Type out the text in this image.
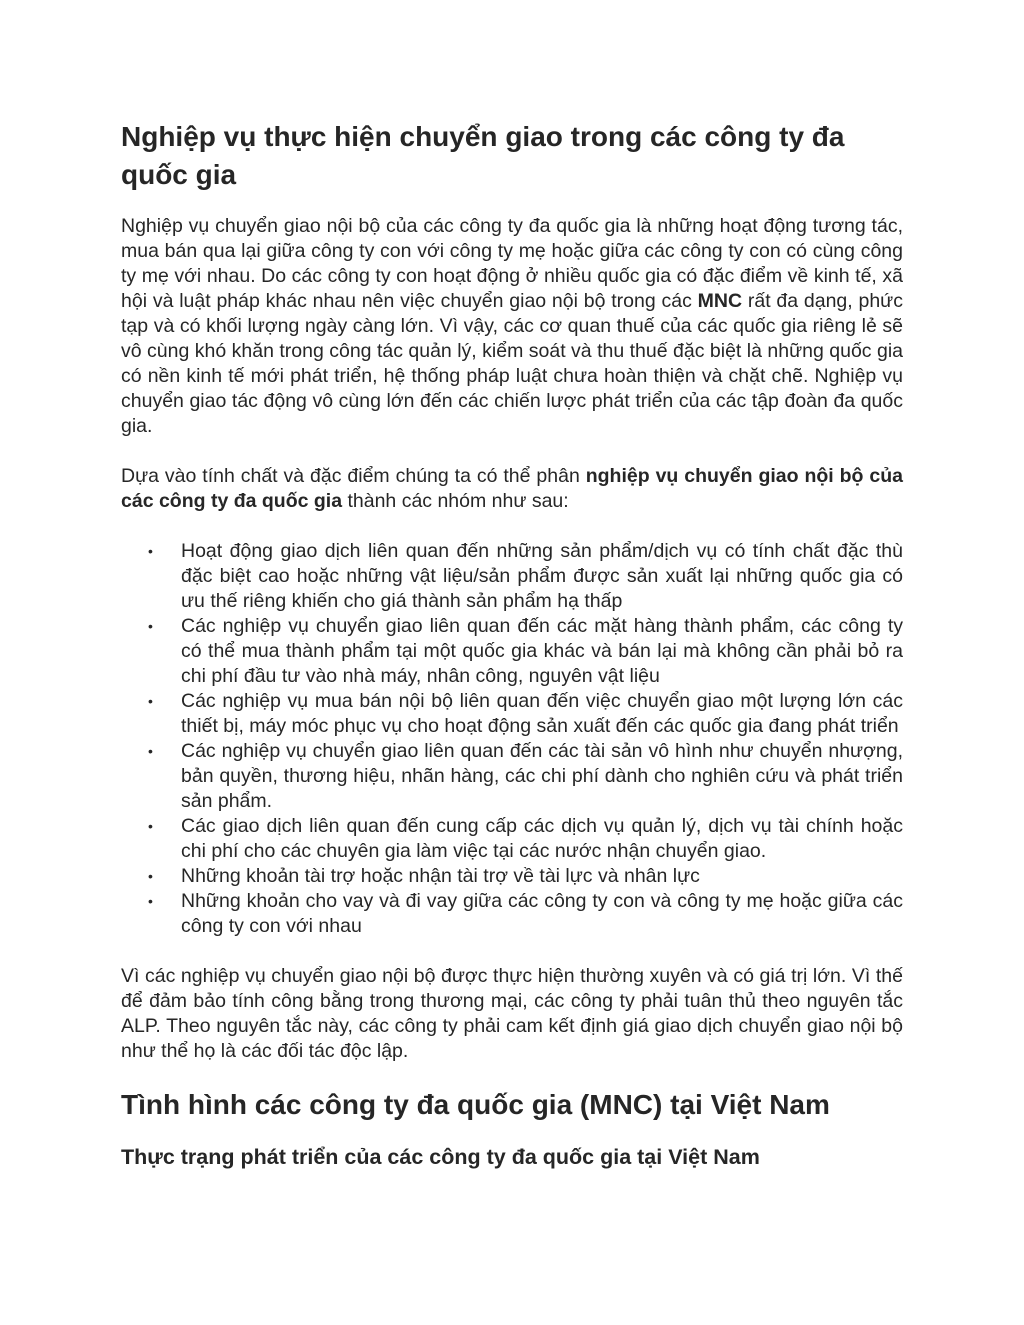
Nghiệp vụ thực hiện chuyển giao trong các công ty đa quốc gia

Nghiệp vụ chuyển giao nội bộ của các công ty đa quốc gia là những hoạt động tương tác, mua bán qua lại giữa công ty con với công ty mẹ hoặc giữa các công ty con có cùng công ty mẹ với nhau. Do các công ty con hoạt động ở nhiều quốc gia có đặc điểm về kinh tế, xã hội và luật pháp khác nhau nên việc chuyển giao nội bộ trong các MNC rất đa dạng, phức tạp và có khối lượng ngày càng lớn. Vì vậy, các cơ quan thuế của các quốc gia riêng lẻ sẽ vô cùng khó khăn trong công tác quản lý, kiểm soát và thu thuế đặc biệt là những quốc gia có nền kinh tế mới phát triển, hệ thống pháp luật chưa hoàn thiện và chặt chẽ. Nghiệp vụ chuyển giao tác động vô cùng lớn đến các chiến lược phát triển của các tập đoàn đa quốc gia.

Dựa vào tính chất và đặc điểm chúng ta có thể phân nghiệp vụ chuyển giao nội bộ của các công ty đa quốc gia thành các nhóm như sau:

• Hoạt động giao dịch liên quan đến những sản phẩm/dịch vụ có tính chất đặc thù đặc biệt cao hoặc những vật liệu/sản phẩm được sản xuất lại những quốc gia có ưu thế riêng khiến cho giá thành sản phẩm hạ thấp
• Các nghiệp vụ chuyển giao liên quan đến các mặt hàng thành phẩm, các công ty có thể mua thành phẩm tại một quốc gia khác và bán lại mà không cần phải bỏ ra chi phí đầu tư vào nhà máy, nhân công, nguyên vật liệu
• Các nghiệp vụ mua bán nội bộ liên quan đến việc chuyển giao một lượng lớn các thiết bị, máy móc phục vụ cho hoạt động sản xuất đến các quốc gia đang phát triển
• Các nghiệp vụ chuyển giao liên quan đến các tài sản vô hình như chuyển nhượng, bản quyền, thương hiệu, nhãn hàng, các chi phí dành cho nghiên cứu và phát triển sản phẩm.
• Các giao dịch liên quan đến cung cấp các dịch vụ quản lý, dịch vụ tài chính hoặc chi phí cho các chuyên gia làm việc tại các nước nhận chuyển giao.
• Những khoản tài trợ hoặc nhận tài trợ về tài lực và nhân lực
• Những khoản cho vay và đi vay giữa các công ty con và công ty mẹ hoặc giữa các công ty con với nhau

Vì các nghiệp vụ chuyển giao nội bộ được thực hiện thường xuyên và có giá trị lớn. Vì thế để đảm bảo tính công bằng trong thương mại, các công ty phải tuân thủ theo nguyên tắc ALP. Theo nguyên tắc này, các công ty phải cam kết định giá giao dịch chuyển giao nội bộ như thể họ là các đối tác độc lập.

Tình hình các công ty đa quốc gia (MNC) tại Việt Nam
Thực trạng phát triển của các công ty đa quốc gia tại Việt Nam
